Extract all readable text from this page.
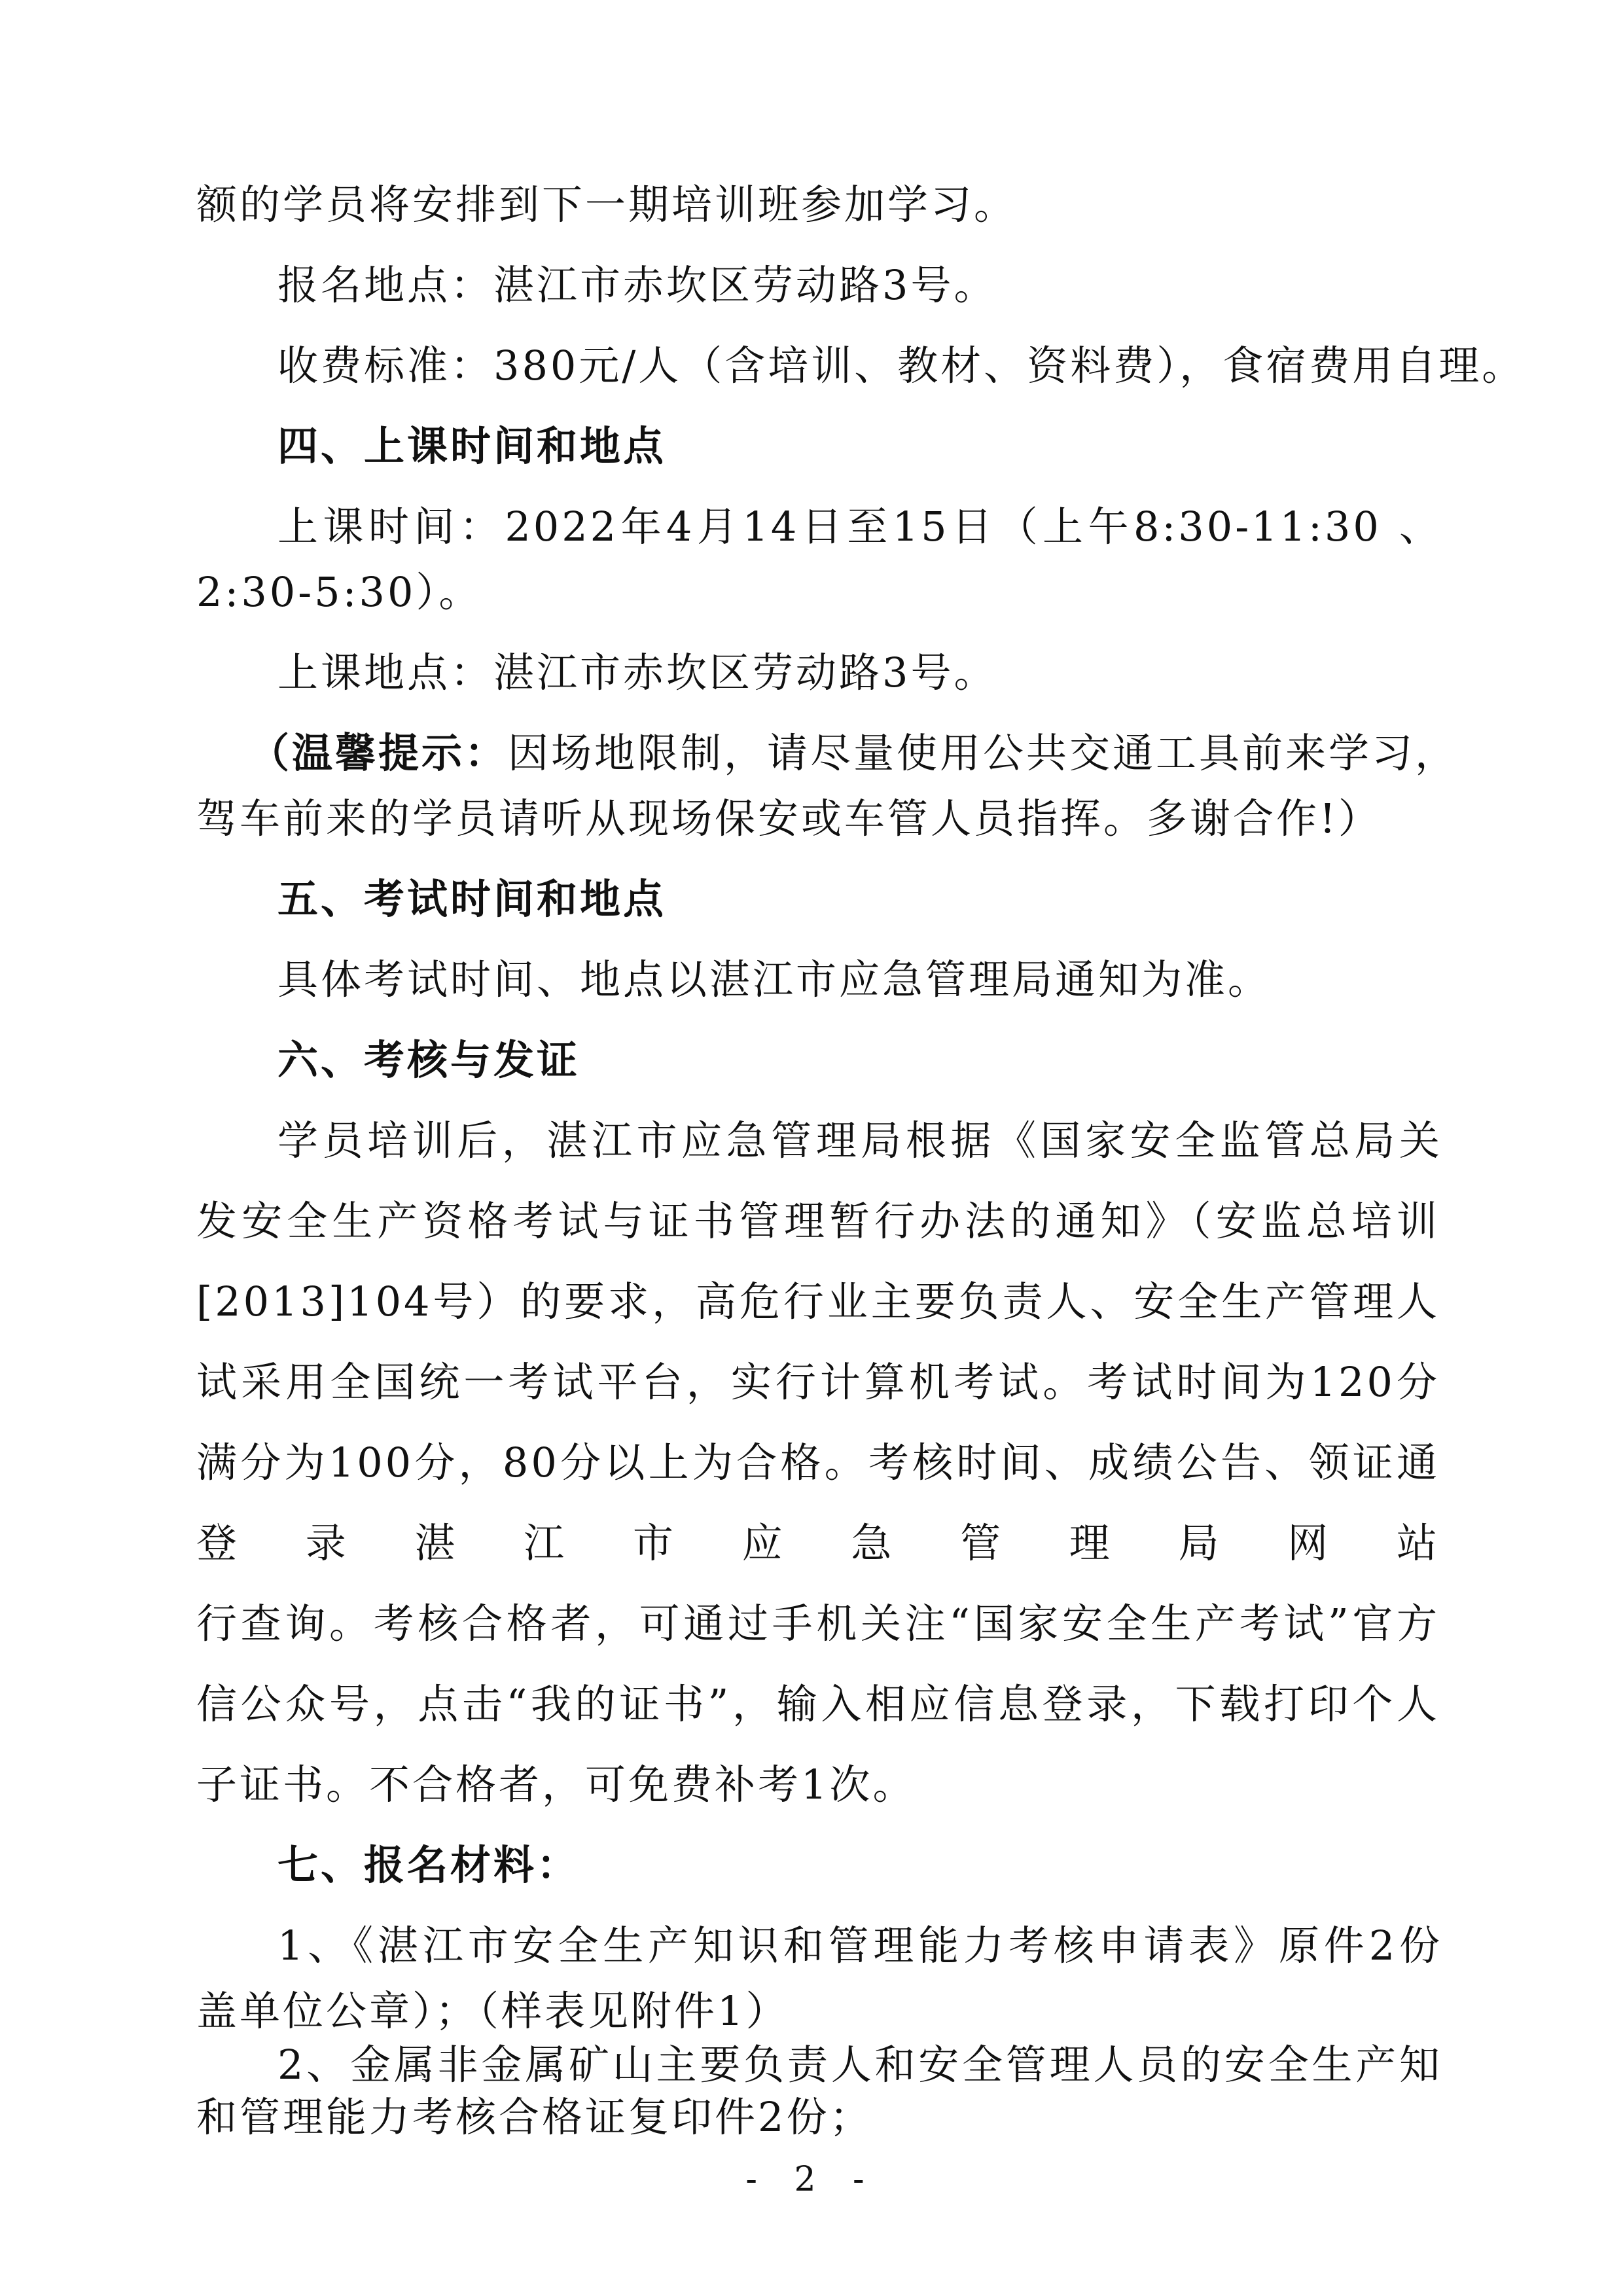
额的学员将安排到下一期培训班参加学习。
报名地点：湛江市赤坎区劳动路3号。
收费标准：380元/人（含培训、教材、资料费），食宿费用自理。
四、上课时间和地点
上课时间：2022年4月14日至15日（上午8:30-11:30 、
2:30-5:30）。
上课地点：湛江市赤坎区劳动路3号。
（温馨提示：因场地限制，请尽量使用公共交通工具前来学习，
驾车前来的学员请听从现场保安或车管人员指挥。多谢合作!）
五、考试时间和地点
具体考试时间、地点以湛江市应急管理局通知为准。
六、考核与发证
学员培训后，湛江市应急管理局根据《国家安全监管总局关
发安全生产资格考试与证书管理暂行办法的通知》（安监总培训
[2013]104号）的要求，高危行业主要负责人、安全生产管理人
试采用全国统一考试平台，实行计算机考试。考试时间为120分
满分为100分，80分以上为合格。考核时间、成绩公告、领证通
登录湛江市应急管理局网站
行查询。考核合格者，可通过手机关注“国家安全生产考试”官方
信公众号，点击“我的证书”，输入相应信息登录，下载打印个人
子证书。不合格者，可免费补考1次。
七、报名材料：
1、《湛江市安全生产知识和管理能力考核申请表》原件2份
盖单位公章）；（样表见附件1）
2、金属非金属矿山主要负责人和安全管理人员的安全生产知
和管理能力考核合格证复印件2份；
- 2 -
